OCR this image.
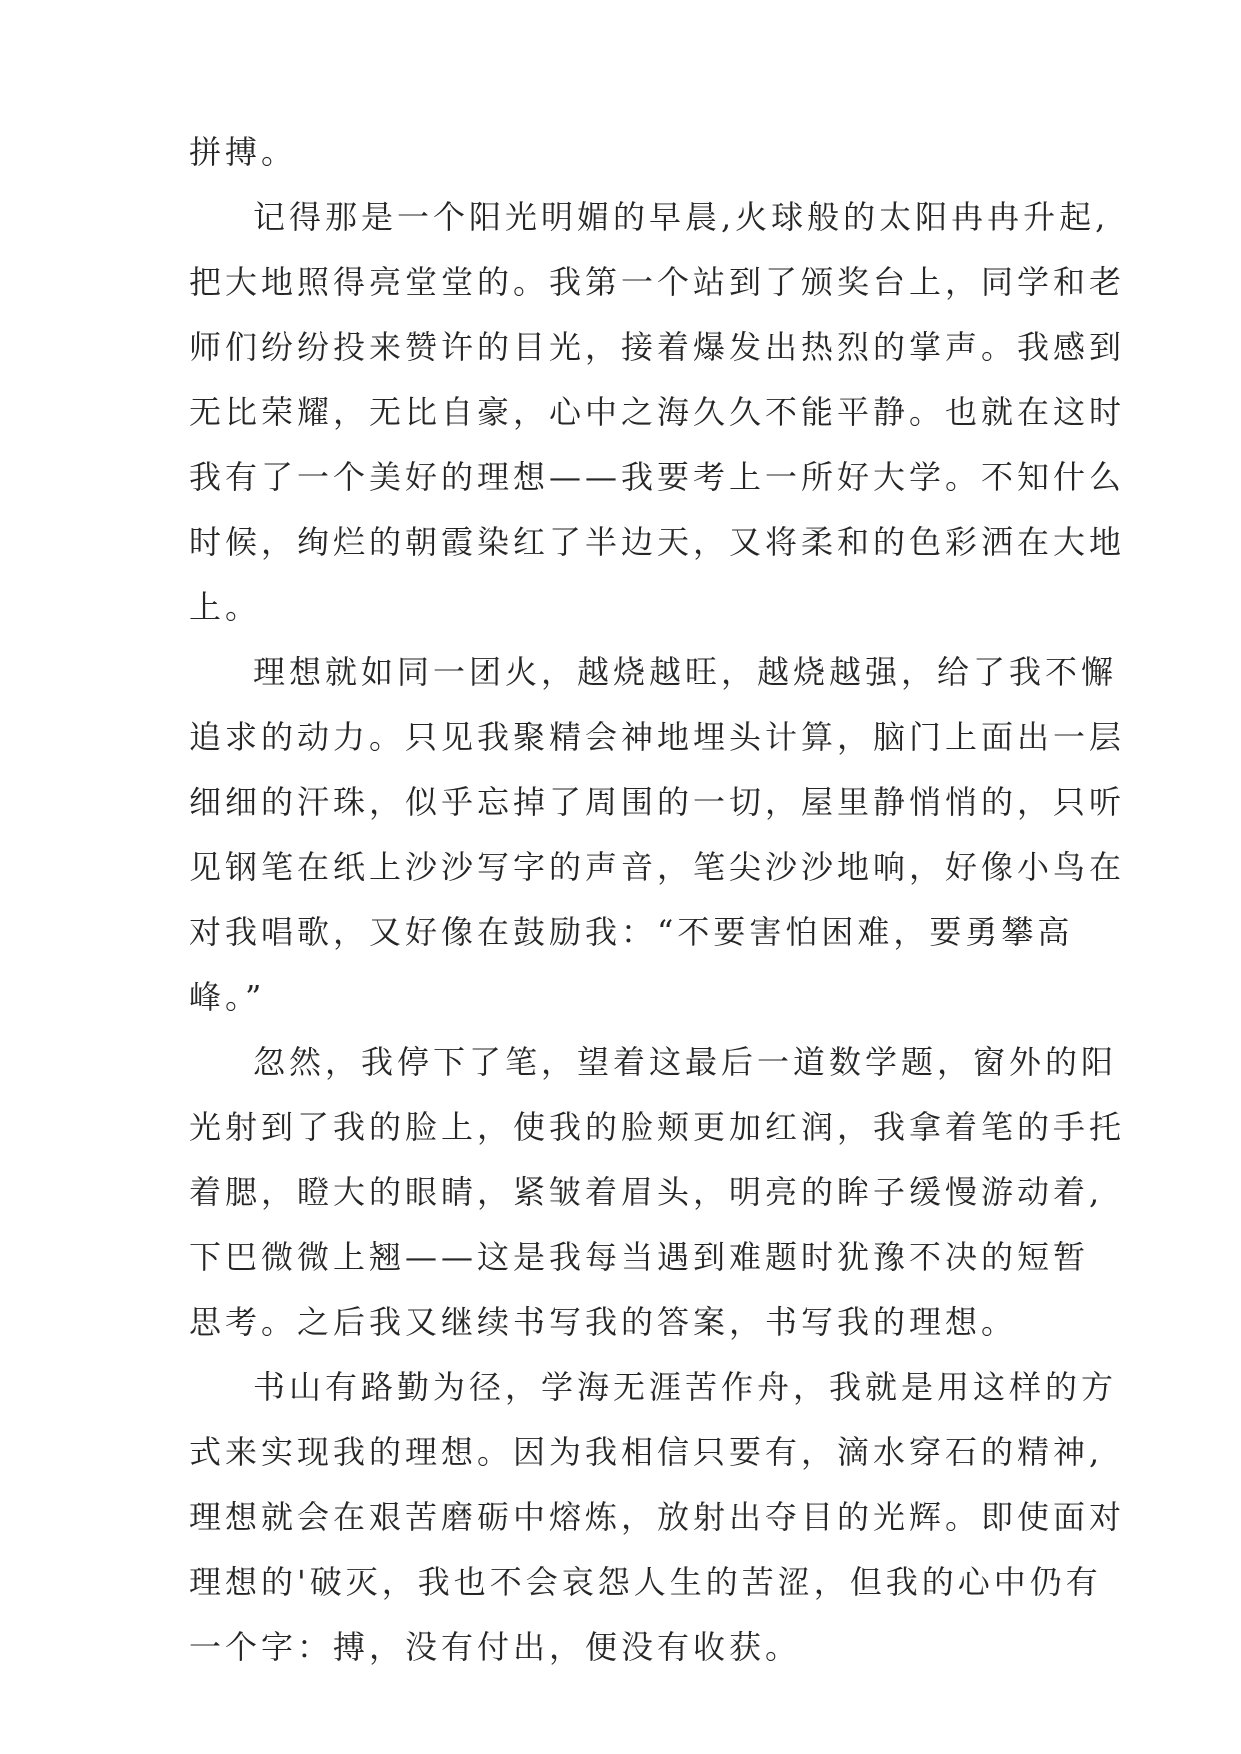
拼搏。
记得那是一个阳光明媚的早晨,火球般的太阳冉冉升起,
把大地照得亮堂堂的。我第一个站到了颁奖台上，同学和老
师们纷纷投来赞许的目光，接着爆发出热烈的掌声。我感到
无比荣耀，无比自豪，心中之海久久不能平静。也就在这时
我有了一个美好的理想——我要考上一所好大学。不知什么
时候，绚烂的朝霞染红了半边天，又将柔和的色彩洒在大地
上。
理想就如同一团火，越烧越旺，越烧越强，给了我不懈
追求的动力。只见我聚精会神地埋头计算，脑门上面出一层
细细的汗珠，似乎忘掉了周围的一切，屋里静悄悄的，只听
见钢笔在纸上沙沙写字的声音，笔尖沙沙地响，好像小鸟在
对我唱歌，又好像在鼓励我：“不要害怕困难，要勇攀高
峰。”
忽然，我停下了笔，望着这最后一道数学题，窗外的阳
光射到了我的脸上，使我的脸颊更加红润，我拿着笔的手托
着腮，瞪大的眼睛，紧皱着眉头，明亮的眸子缓慢游动着,
下巴微微上翘——这是我每当遇到难题时犹豫不决的短暂
思考。之后我又继续书写我的答案，书写我的理想。
书山有路勤为径，学海无涯苦作舟，我就是用这样的方
式来实现我的理想。因为我相信只要有，滴水穿石的精神,
理想就会在艰苦磨砺中熔炼，放射出夺目的光辉。即使面对
理想的'破灭，我也不会哀怨人生的苦涩，但我的心中仍有
一个字：搏，没有付出，便没有收获。
